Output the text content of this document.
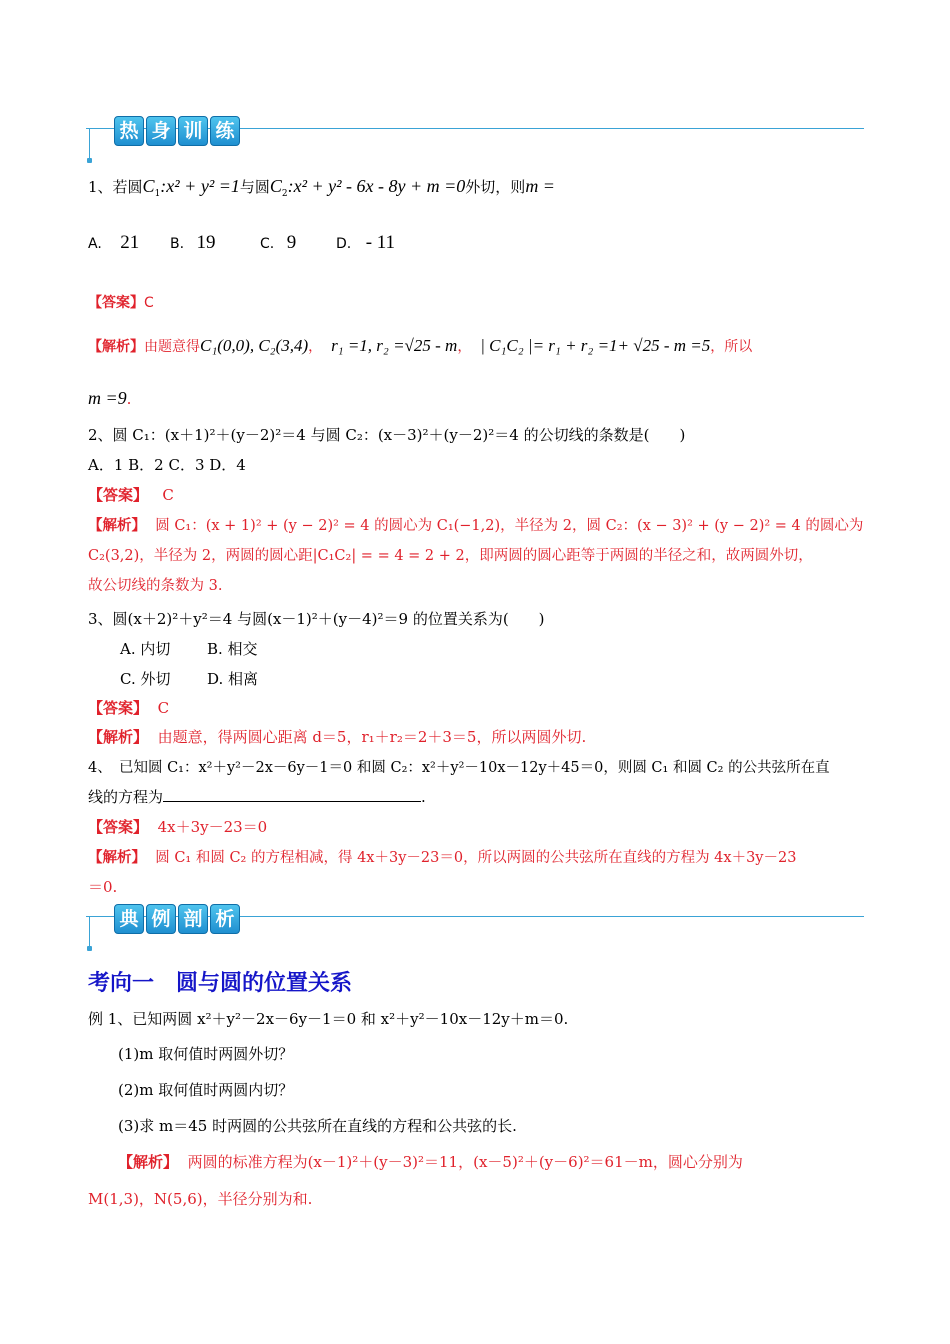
热 身 训 练
1、若圆$C_1:x^2 + y^2 =1$与圆$C_2:x^2 + y^2 - 6x - 8y + m =0$外切，则m =
A. 21 B. 19	C. 9	D. - 11
【答案】C
【解析】由题意得C₁(0,0), C₂(3,4)，  r₁ =1, r₂ =√25 - m，  | C₁C₂ |= r₁ + r₂ =1+ √25 - m =5，所以
m =9.
2、圆 C₁：(x＋1)²＋(y－2)²＝4 与圆 C₂：(x－3)²＋(y－2)²＝4 的公切线的条数是(　　)
A．1 B．2 C．3 D．4
【答案】 C
【解析】 圆 C₁：(x + 1)² + (y − 2)² = 4 的圆心为 C₁(−1,2)，半径为 2，圆 C₂：(x − 3)² + (y − 2)² = 4 的圆心为
C₂(3,2)，半径为 2，两圆的圆心距|C₁C₂| = = 4 = 2 + 2，即两圆的圆心距等于两圆的半径之和，故两圆外切，
故公切线的条数为 3.
3、圆(x＋2)²＋y²＝4 与圆(x－1)²＋(y－4)²＝9 的位置关系为(　　)
A. 内切 B. 相交
C. 外切 D. 相离
【答案】 C
【解析】 由题意，得两圆心距离 d＝5，r₁＋r₂＝2＋3＝5，所以两圆外切.
4、　已知圆 C₁：x²＋y²－2x－6y－1＝0 和圆 C₂：x²＋y²－10x－12y＋45＝0，则圆 C₁ 和圆 C₂ 的公共弦所在直
线的方程为	.
【答案】 4x＋3y－23＝0
【解析】 圆 C₁ 和圆 C₂ 的方程相减，得 4x＋3y－23＝0，所以两圆的公共弦所在直线的方程为 4x＋3y－23
＝0.
典 例 剖 析
考向一　圆与圆的位置关系
例 1、已知两圆 x²＋y²－2x－6y－1＝0 和 x²＋y²－10x－12y＋m＝0.
(1)m 取何值时两圆外切？
(2)m 取何值时两圆内切？
(3)求 m＝45 时两圆的公共弦所在直线的方程和公共弦的长.
【解析】 两圆的标准方程为(x－1)²＋(y－3)²＝11，(x－5)²＋(y－6)²＝61－m，圆心分别为
M(1,3)，N(5,6)，半径分别为和.
